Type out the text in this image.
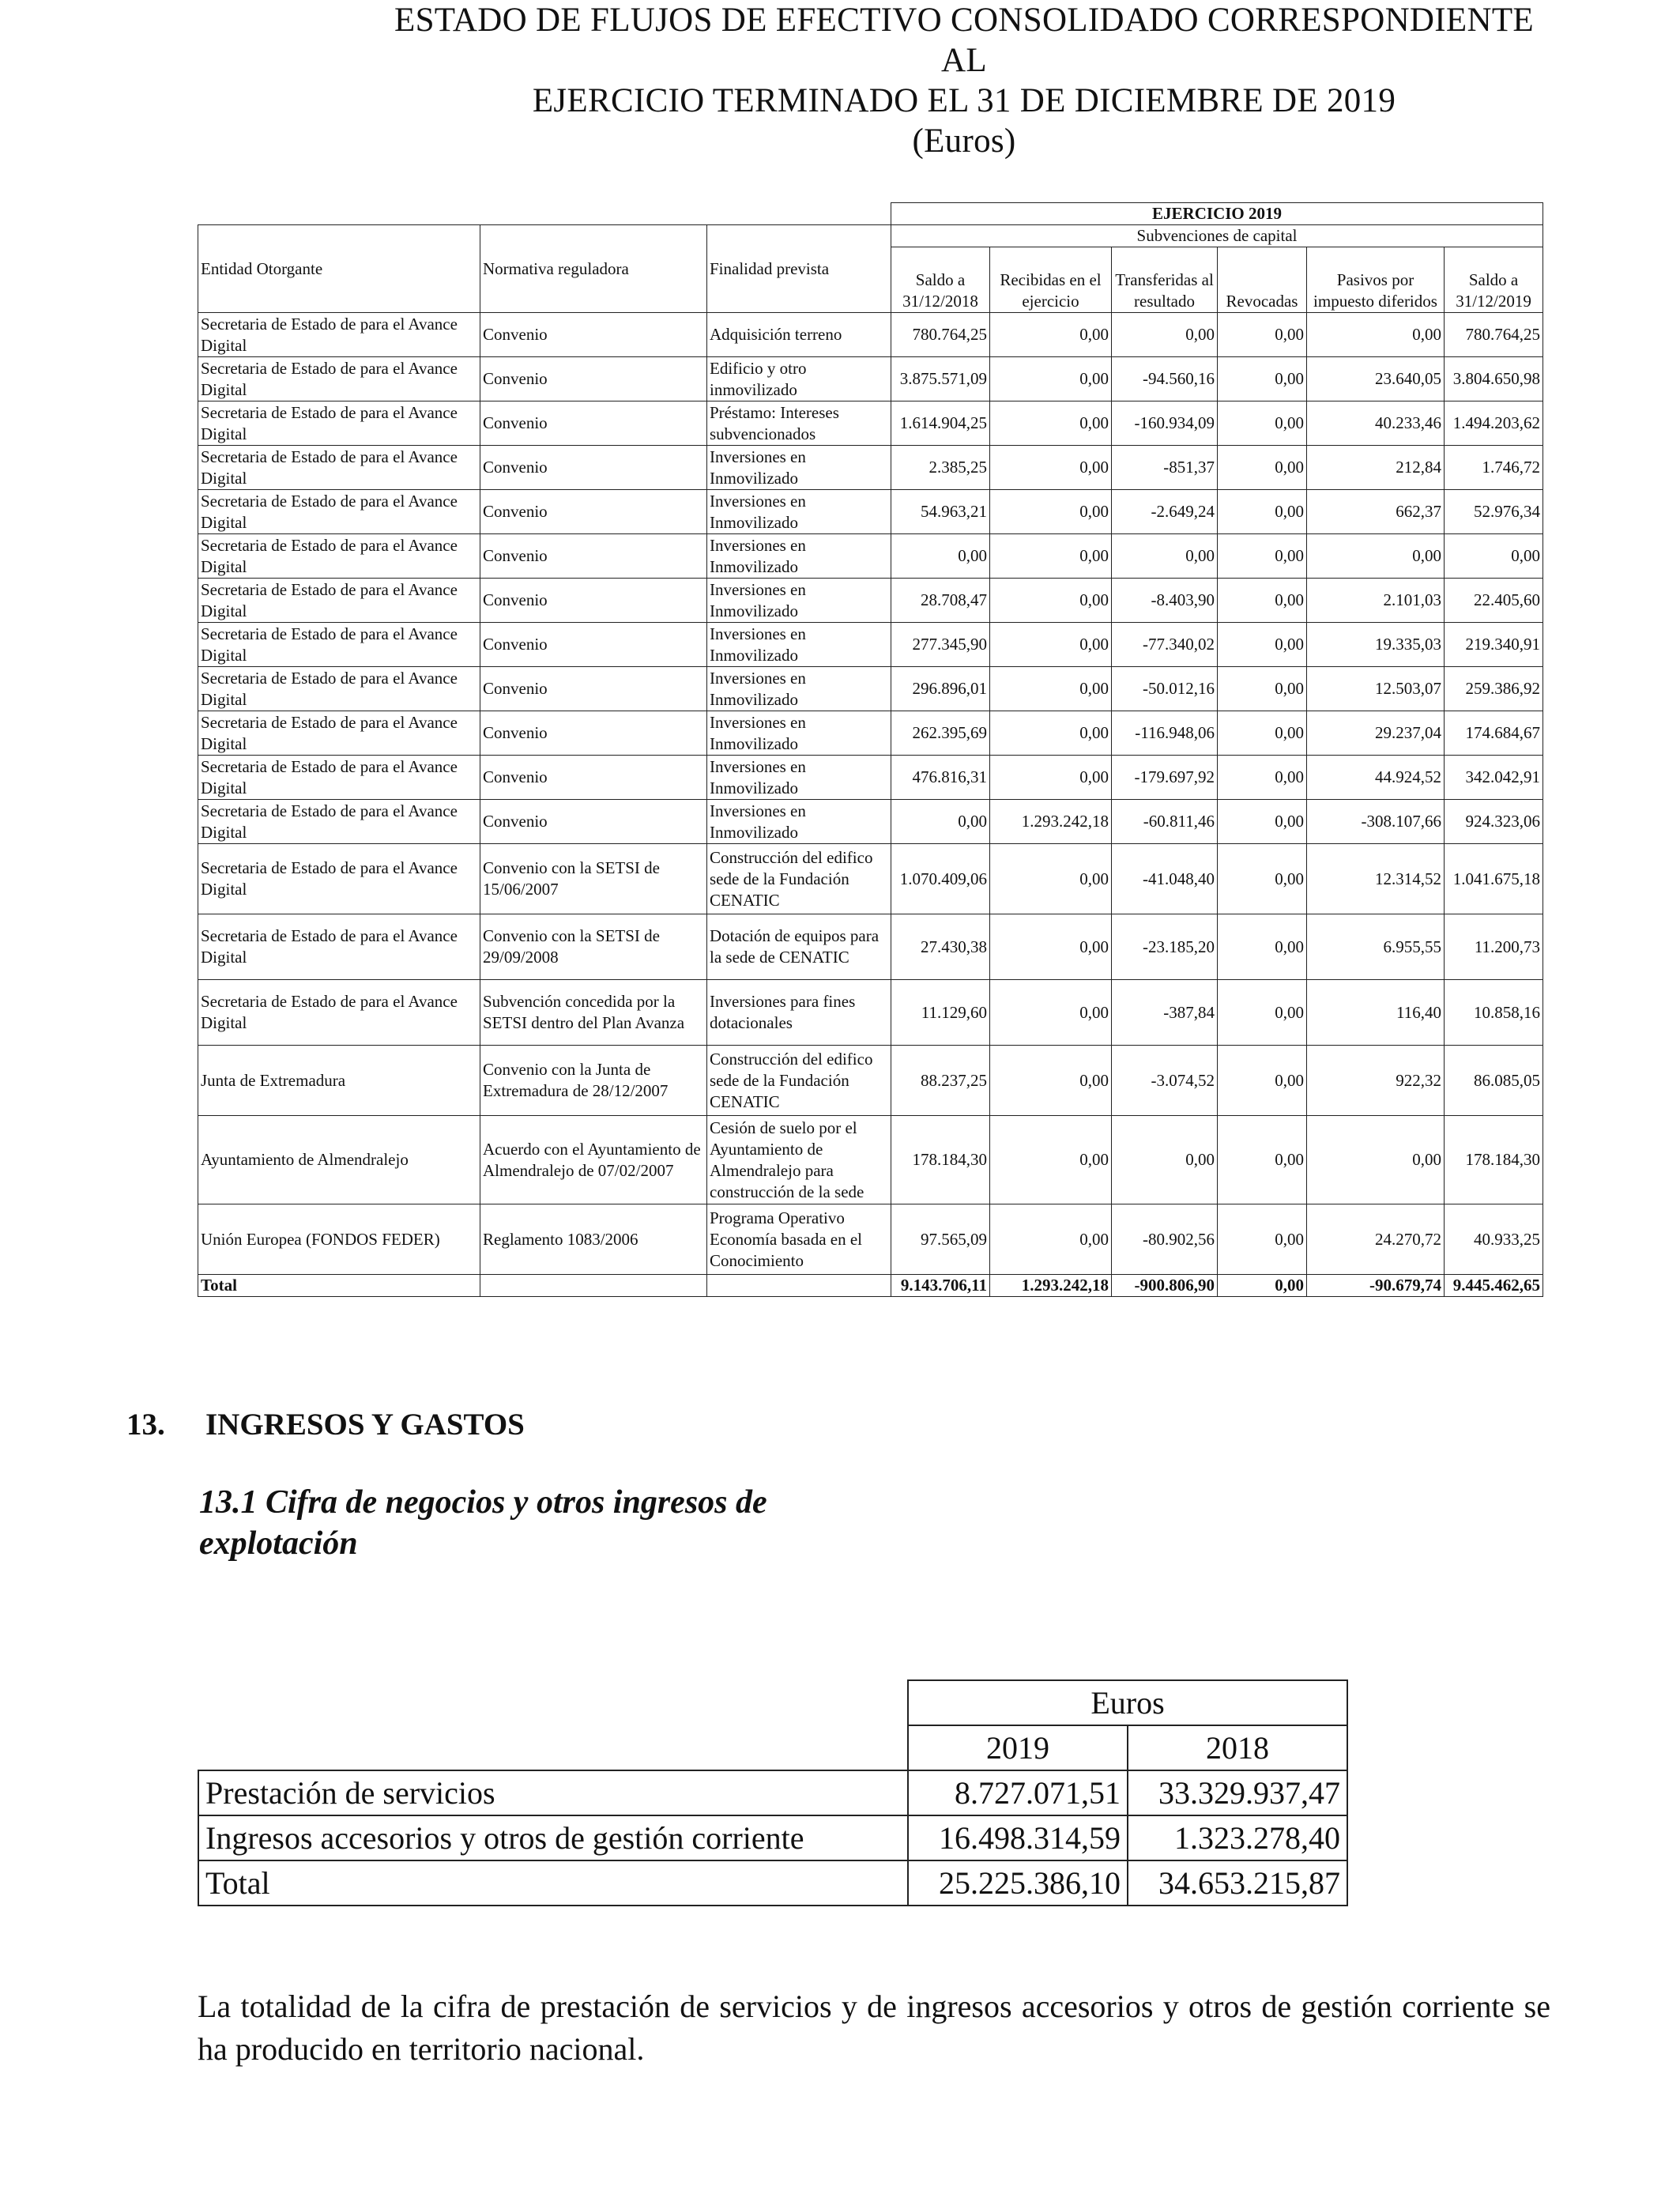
ESTADO DE FLUJOS DE EFECTIVO CONSOLIDADO CORRESPONDIENTE AL
EJERCICIO TERMINADO EL 31 DE DICIEMBRE DE 2019
(Euros)
			EJERCICIO 2019					
Entidad Otorgante	Normativa reguladora	Finalidad prevista	Subvenciones de capital					
			Saldo a 31/12/2018	Recibidas en el ejercicio	Transferidas al resultado	Revocadas	Pasivos por impuesto diferidos	Saldo a 31/12/2019
Secretaria de Estado de para el Avance Digital	Convenio	Adquisición terreno	780.764,25	0,00	0,00	0,00	0,00	780.764,25
Secretaria de Estado de para el Avance Digital	Convenio	Edificio y otro inmovilizado	3.875.571,09	0,00	-94.560,16	0,00	23.640,05	3.804.650,98
Secretaria de Estado de para el Avance Digital	Convenio	Préstamo: Intereses subvencionados	1.614.904,25	0,00	-160.934,09	0,00	40.233,46	1.494.203,62
Secretaria de Estado de para el Avance Digital	Convenio	Inversiones en Inmovilizado	2.385,25	0,00	-851,37	0,00	212,84	1.746,72
Secretaria de Estado de para el Avance Digital	Convenio	Inversiones en Inmovilizado	54.963,21	0,00	-2.649,24	0,00	662,37	52.976,34
Secretaria de Estado de para el Avance Digital	Convenio	Inversiones en Inmovilizado	0,00	0,00	0,00	0,00	0,00	0,00
Secretaria de Estado de para el Avance Digital	Convenio	Inversiones en Inmovilizado	28.708,47	0,00	-8.403,90	0,00	2.101,03	22.405,60
Secretaria de Estado de para el Avance Digital	Convenio	Inversiones en Inmovilizado	277.345,90	0,00	-77.340,02	0,00	19.335,03	219.340,91
Secretaria de Estado de para el Avance Digital	Convenio	Inversiones en Inmovilizado	296.896,01	0,00	-50.012,16	0,00	12.503,07	259.386,92
Secretaria de Estado de para el Avance Digital	Convenio	Inversiones en Inmovilizado	262.395,69	0,00	-116.948,06	0,00	29.237,04	174.684,67
Secretaria de Estado de para el Avance Digital	Convenio	Inversiones en Inmovilizado	476.816,31	0,00	-179.697,92	0,00	44.924,52	342.042,91
Secretaria de Estado de para el Avance Digital	Convenio	Inversiones en Inmovilizado	0,00	1.293.242,18	-60.811,46	0,00	-308.107,66	924.323,06
Secretaria de Estado de para el Avance Digital	Convenio con la SETSI de 15/06/2007	Construcción del edifico sede de la Fundación CENATIC	1.070.409,06	0,00	-41.048,40	0,00	12.314,52	1.041.675,18
Secretaria de Estado de para el Avance Digital	Convenio con la SETSI de 29/09/2008	Dotación de equipos para la sede de CENATIC	27.430,38	0,00	-23.185,20	0,00	6.955,55	11.200,73
Secretaria de Estado de para el Avance Digital	Subvención concedida por la SETSI dentro del Plan Avanza	Inversiones para fines dotacionales	11.129,60	0,00	-387,84	0,00	116,40	10.858,16
Junta de Extremadura	Convenio con la Junta de Extremadura de 28/12/2007	Construcción del edifico sede de la Fundación CENATIC	88.237,25	0,00	-3.074,52	0,00	922,32	86.085,05
Ayuntamiento de Almendralejo	Acuerdo con el Ayuntamiento de Almendralejo de 07/02/2007	Cesión de suelo por el Ayuntamiento de Almendralejo para construcción de la sede	178.184,30	0,00	0,00	0,00	0,00	178.184,30
Unión Europea (FONDOS FEDER)	Reglamento 1083/2006	Programa Operativo Economía basada en el Conocimiento	97.565,09	0,00	-80.902,56	0,00	24.270,72	40.933,25
Total			9.143.706,11	1.293.242,18	-900.806,90	0,00	-90.679,74	9.445.462,65
13. INGRESOS Y GASTOS
13.1 Cifra de negocios y otros ingresos de explotación
	Euros	
	2019	2018
Prestación de servicios	8.727.071,51	33.329.937,47
Ingresos accesorios y otros de gestión corriente	16.498.314,59	1.323.278,40
Total	25.225.386,10	34.653.215,87
La totalidad de la cifra de prestación de servicios y de ingresos accesorios y otros de gestión corriente se ha producido en territorio nacional.
